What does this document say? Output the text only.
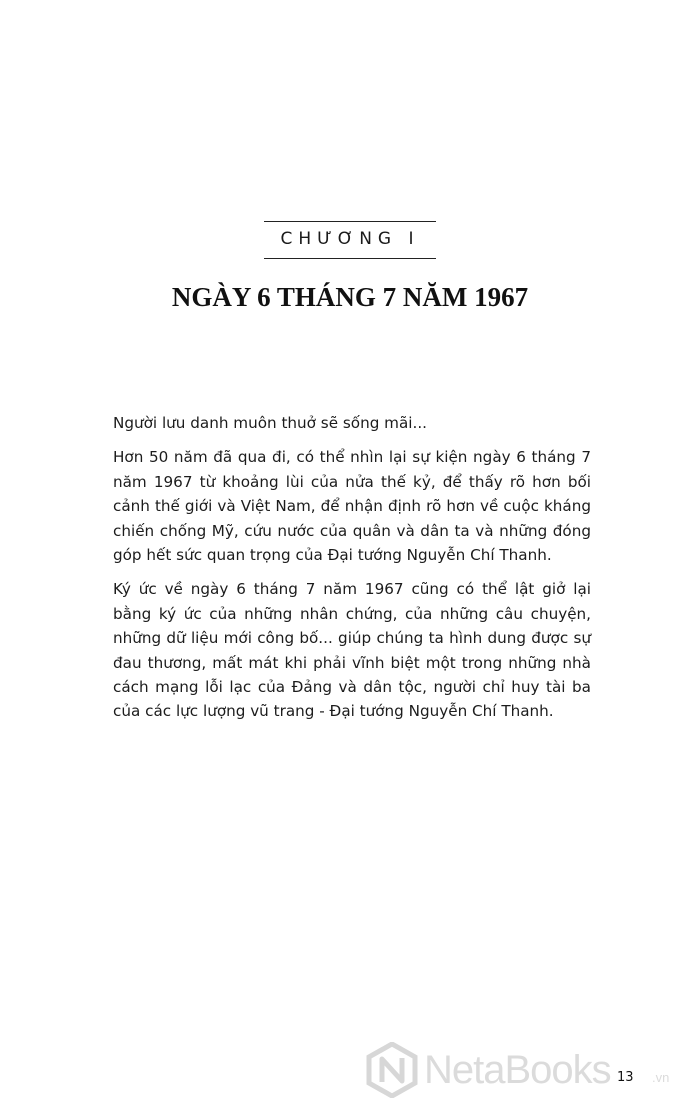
CHƯƠNG I
NGÀY 6 THÁNG 7 NĂM 1967

Người lưu danh muôn thuở sẽ sống mãi...

Hơn 50 năm đã qua đi, có thể nhìn lại sự kiện ngày 6 tháng 7 năm 1967 từ khoảng lùi của nửa thế kỷ, để thấy rõ hơn bối cảnh thế giới và Việt Nam, để nhận định rõ hơn về cuộc kháng chiến chống Mỹ, cứu nước của quân và dân ta và những đóng góp hết sức quan trọng của Đại tướng Nguyễn Chí Thanh.

Ký ức về ngày 6 tháng 7 năm 1967 cũng có thể lật giở lại bằng ký ức của những nhân chứng, của những câu chuyện, những dữ liệu mới công bố... giúp chúng ta hình dung được sự đau thương, mất mát khi phải vĩnh biệt một trong những nhà cách mạng lỗi lạc của Đảng và dân tộc, người chỉ huy tài ba của các lực lượng vũ trang - Đại tướng Nguyễn Chí Thanh.

NetaBooks	.vn
13
